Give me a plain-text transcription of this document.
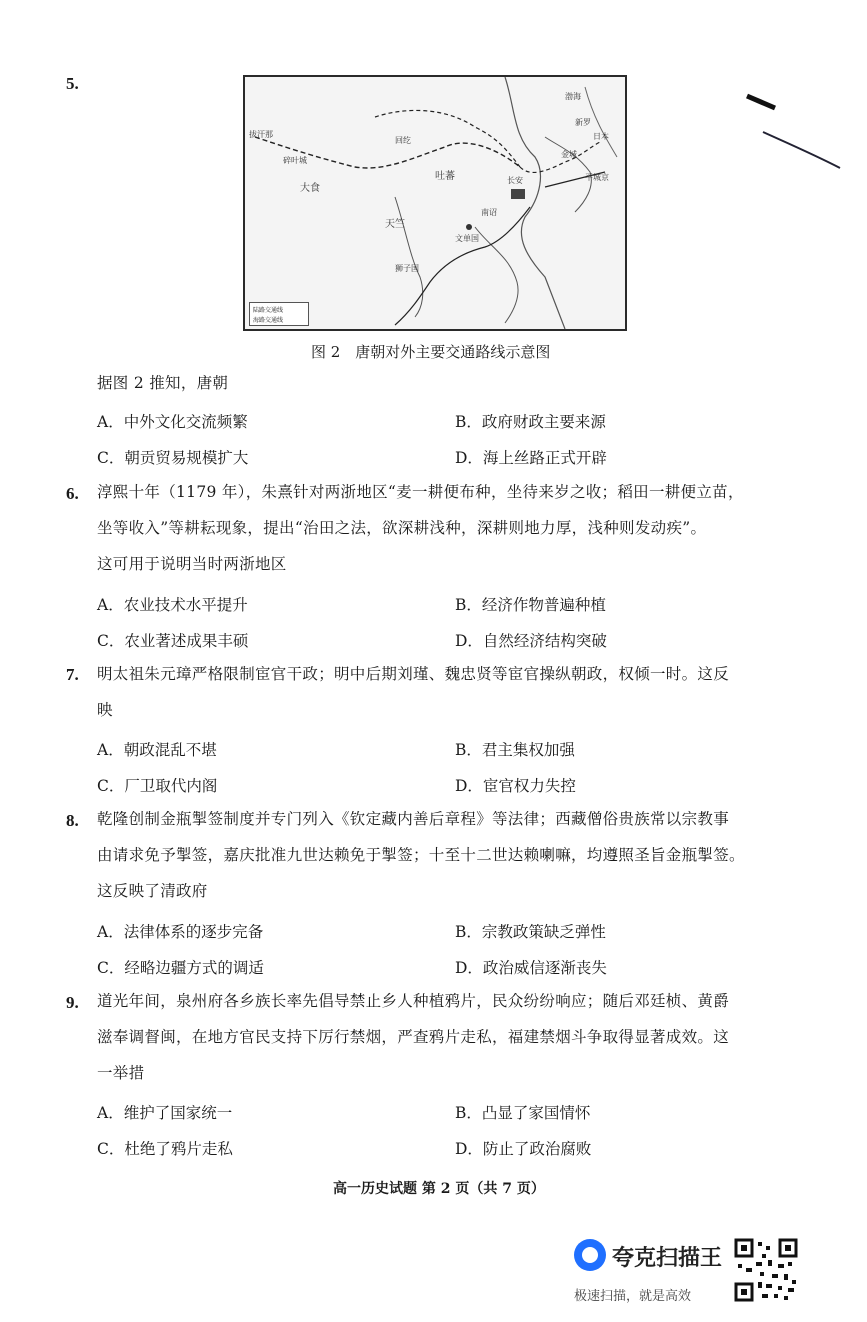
5.
拔汗那
碎叶城
大食
回纥
吐蕃
天竺
长安
渤海
金城
日本
平城京
南诏
文单国
狮子国
新罗
陆路交通线
海路交通线
图 2　唐朝对外主要交通路线示意图
据图 2 推知，唐朝
A．中外文化交流频繁	B．政府财政主要来源
C．朝贡贸易规模扩大	D．海上丝路正式开辟
6. 淳熙十年（1179 年），朱熹针对两浙地区“麦一耕便布种，坐待来岁之收；稻田一耕便立苗，
坐等收入”等耕耘现象，提出“治田之法，欲深耕浅种，深耕则地力厚，浅种则发动疾”。
这可用于说明当时两浙地区
A．农业技术水平提升	B．经济作物普遍种植
C．农业著述成果丰硕	D．自然经济结构突破
7. 明太祖朱元璋严格限制宦官干政；明中后期刘瑾、魏忠贤等宦官操纵朝政，权倾一时。这反
映
A．朝政混乱不堪	B．君主集权加强
C．厂卫取代内阁	D．宦官权力失控
8. 乾隆创制金瓶掣签制度并专门列入《钦定藏内善后章程》等法律；西藏僧俗贵族常以宗教事
由请求免予掣签，嘉庆批准九世达赖免于掣签；十至十二世达赖喇嘛，均遵照圣旨金瓶掣签。
这反映了清政府
A．法律体系的逐步完备	B．宗教政策缺乏弹性
C．经略边疆方式的调适	D．政治威信逐渐丧失
9. 道光年间，泉州府各乡族长率先倡导禁止乡人种植鸦片，民众纷纷响应；随后邓廷桢、黄爵
滋奉调督闽，在地方官民支持下厉行禁烟，严查鸦片走私，福建禁烟斗争取得显著成效。这
一举措
A．维护了国家统一	B．凸显了家国情怀
C．杜绝了鸦片走私	D．防止了政治腐败
高一历史试题 第 2 页（共 7 页）
夸克扫描王
极速扫描，就是高效
